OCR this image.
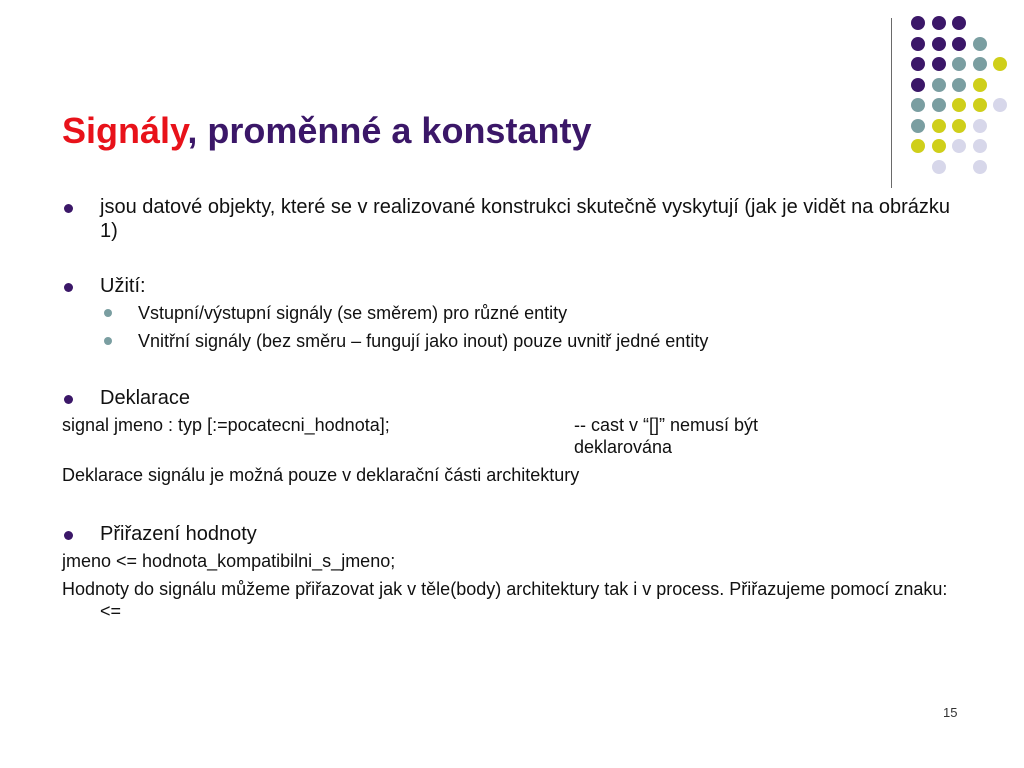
Signály, proměnné a konstanty
jsou datové objekty, které se v realizované konstrukci skutečně vyskytují (jak je vidět na obrázku 1)
Užití:
Vstupní/výstupní signály (se směrem) pro různé entity
Vnitřní signály (bez směru – fungují jako inout) pouze uvnitř jedné entity
Deklarace
signal jmeno : typ [:=pocatecni_hodnota];	-- cast v “[]” nemusí být deklarována
Deklarace signálu je možná pouze v deklarační části architektury
Přiřazení hodnoty
jmeno <= hodnota_kompatibilni_s_jmeno;
Hodnoty do signálu můžeme přiřazovat jak v těle(body) architektury tak i v process. Přiřazujeme pomocí znaku: <=
15
